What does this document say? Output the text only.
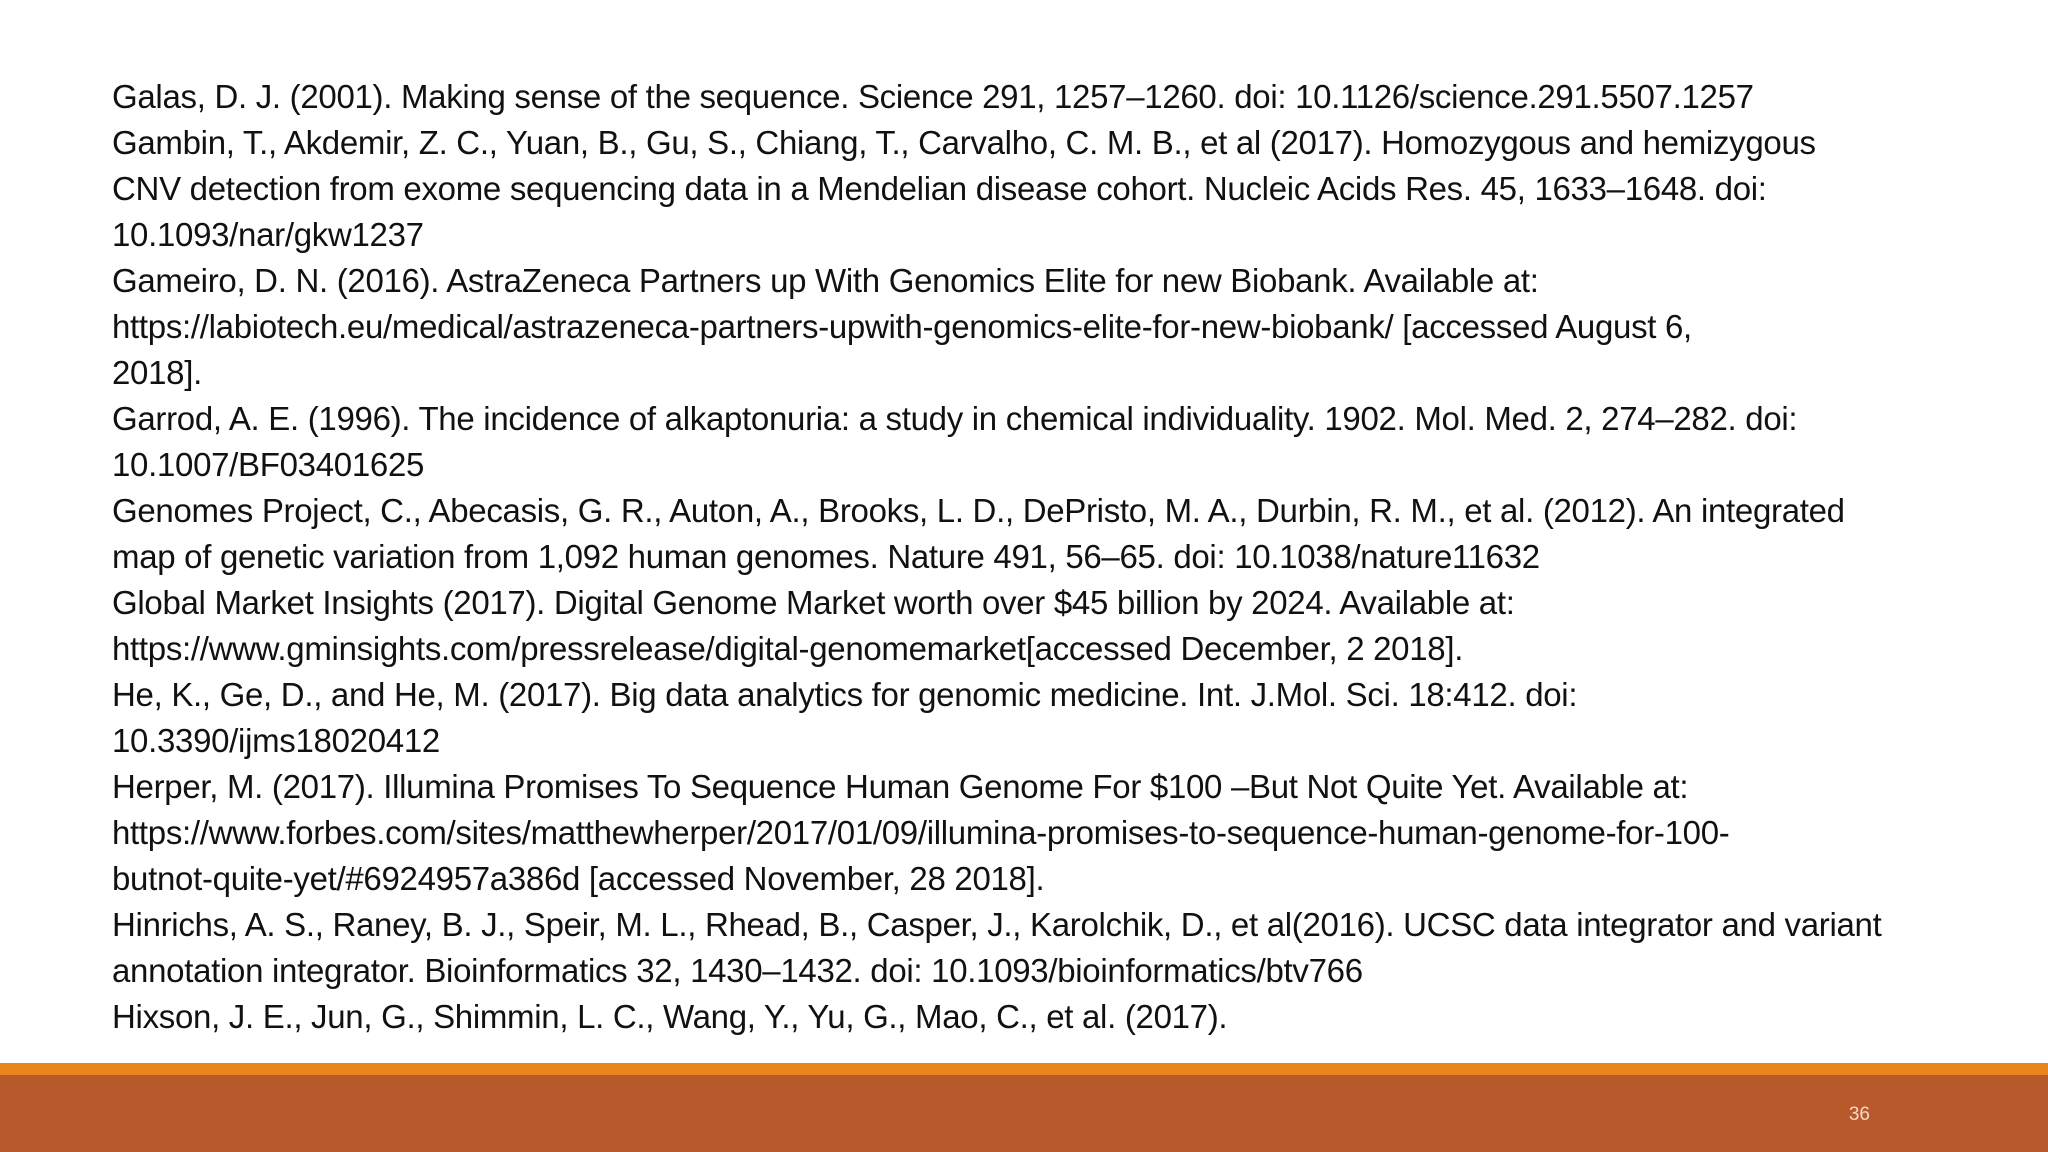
Galas, D. J. (2001). Making sense of the sequence. Science 291, 1257–1260. doi: 10.1126/science.291.5507.1257
Gambin, T., Akdemir, Z. C., Yuan, B., Gu, S., Chiang, T., Carvalho, C. M. B., et al (2017). Homozygous and hemizygous
CNV detection from exome sequencing data in a Mendelian disease cohort. Nucleic Acids Res. 45, 1633–1648. doi:
10.1093/nar/gkw1237
Gameiro, D. N. (2016). AstraZeneca Partners up With Genomics Elite for new Biobank. Available at:
https://labiotech.eu/medical/astrazeneca-partners-upwith-genomics-elite-for-new-biobank/ [accessed August 6,
2018].
Garrod, A. E. (1996). The incidence of alkaptonuria: a study in chemical individuality. 1902. Mol. Med. 2, 274–282. doi:
10.1007/BF03401625
Genomes Project, C., Abecasis, G. R., Auton, A., Brooks, L. D., DePristo, M. A., Durbin, R. M., et al. (2012). An integrated
map of genetic variation from 1,092 human genomes. Nature 491, 56–65. doi: 10.1038/nature11632
Global Market Insights (2017). Digital Genome Market worth over $45 billion by 2024. Available at:
https://www.gminsights.com/pressrelease/digital-genomemarket[accessed December, 2 2018].
He, K., Ge, D., and He, M. (2017). Big data analytics for genomic medicine. Int. J.Mol. Sci. 18:412. doi:
10.3390/ijms18020412
Herper, M. (2017). Illumina Promises To Sequence Human Genome For $100 –But Not Quite Yet. Available at:
https://www.forbes.com/sites/matthewherper/2017/01/09/illumina-promises-to-sequence-human-genome-for-100-
butnot-quite-yet/#6924957a386d [accessed November, 28 2018].
Hinrichs, A. S., Raney, B. J., Speir, M. L., Rhead, B., Casper, J., Karolchik, D., et al(2016). UCSC data integrator and variant
annotation integrator. Bioinformatics 32, 1430–1432. doi: 10.1093/bioinformatics/btv766
Hixson, J. E., Jun, G., Shimmin, L. C., Wang, Y., Yu, G., Mao, C., et al. (2017).
36
